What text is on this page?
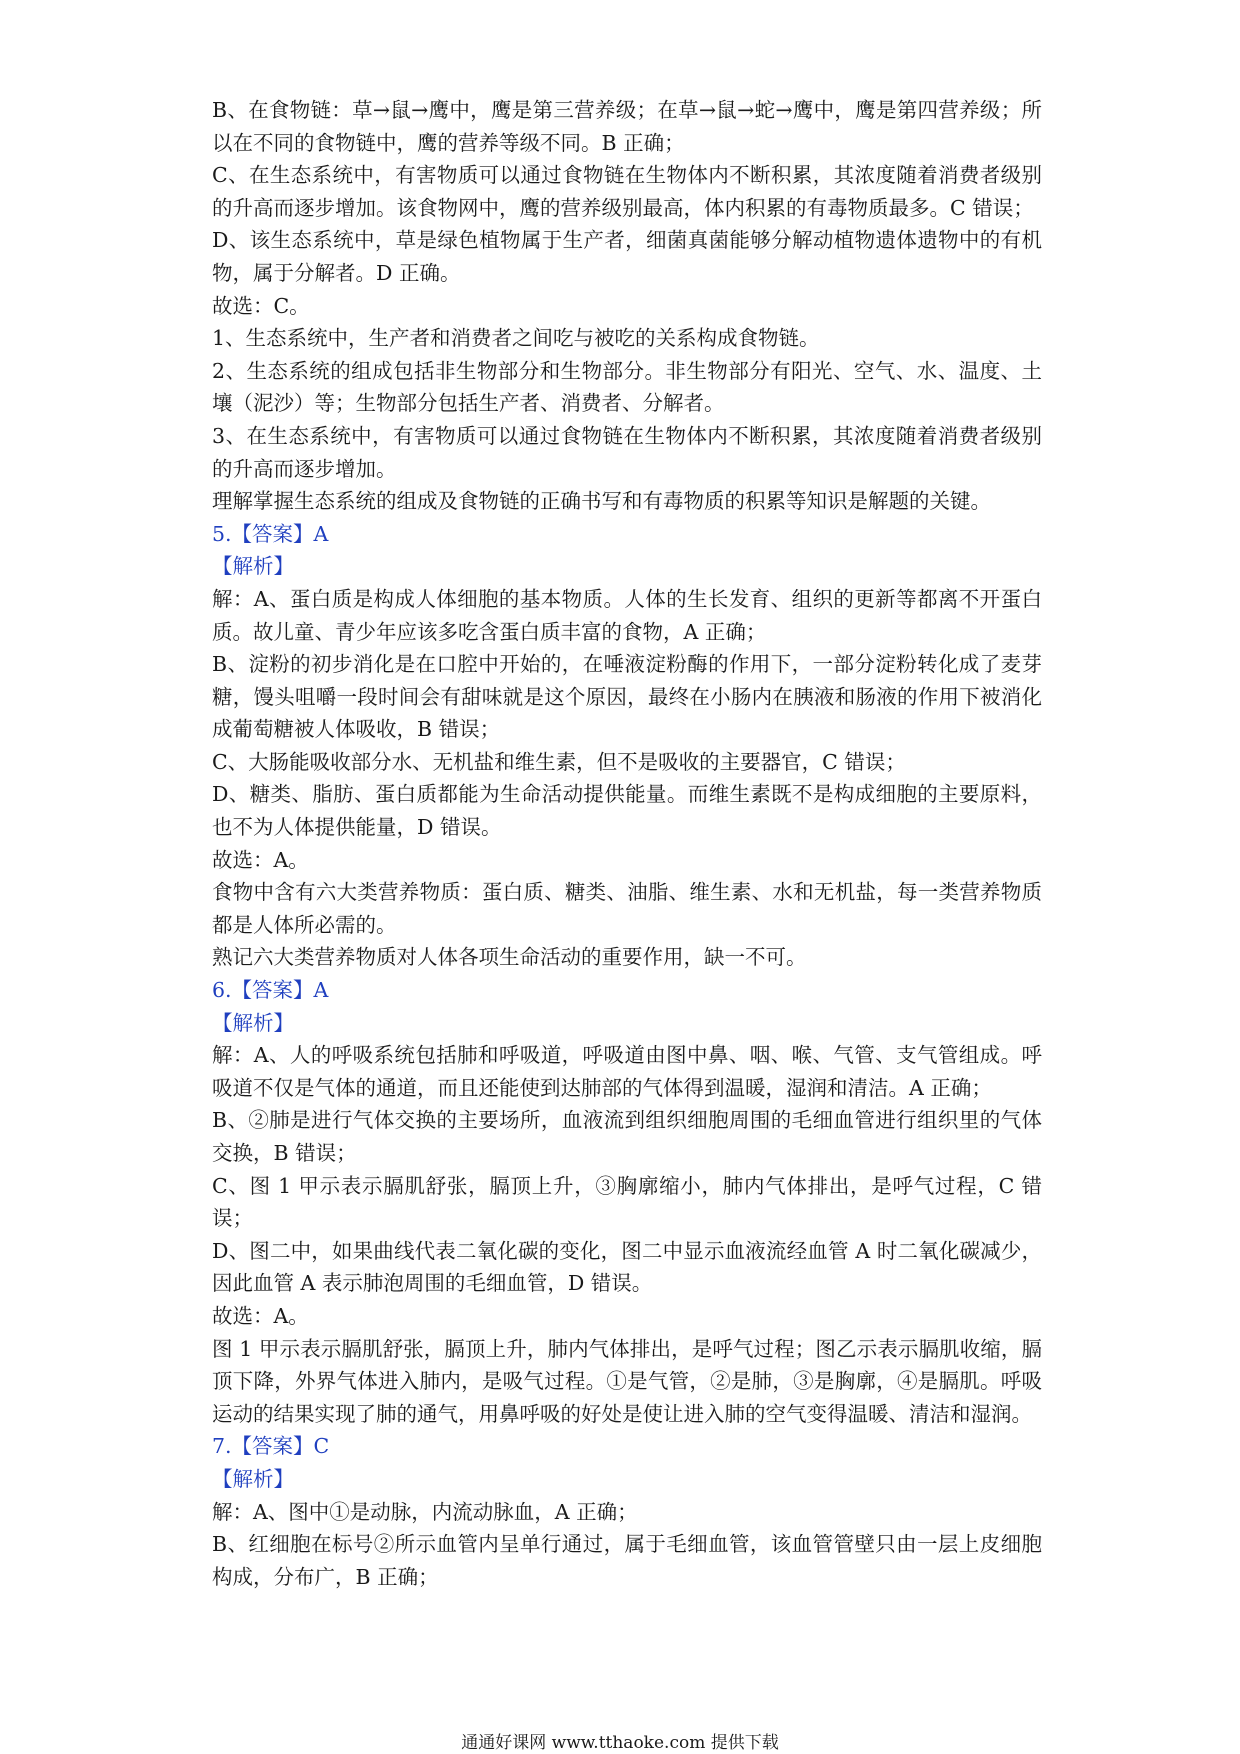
B、在食物链：草→鼠→鹰中，鹰是第三营养级；在草→鼠→蛇→鹰中，鹰是第四营养级；所以在不同的食物链中，鹰的营养等级不同。B 正确；

C、在生态系统中，有害物质可以通过食物链在生物体内不断积累，其浓度随着消费者级别的升高而逐步增加。该食物网中，鹰的营养级别最高，体内积累的有毒物质最多。C 错误；

D、该生态系统中，草是绿色植物属于生产者，细菌真菌能够分解动植物遗体遗物中的有机物，属于分解者。D 正确。

故选：C。

1、生态系统中，生产者和消费者之间吃与被吃的关系构成食物链。

2、生态系统的组成包括非生物部分和生物部分。非生物部分有阳光、空气、水、温度、土壤（泥沙）等；生物部分包括生产者、消费者、分解者。

3、在生态系统中，有害物质可以通过食物链在生物体内不断积累，其浓度随着消费者级别的升高而逐步增加。

理解掌握生态系统的组成及食物链的正确书写和有毒物质的积累等知识是解题的关键。

5.【答案】A

【解析】

解：A、蛋白质是构成人体细胞的基本物质。人体的生长发育、组织的更新等都离不开蛋白质。故儿童、青少年应该多吃含蛋白质丰富的食物，A 正确；

B、淀粉的初步消化是在口腔中开始的，在唾液淀粉酶的作用下，一部分淀粉转化成了麦芽糖，馒头咀嚼一段时间会有甜味就是这个原因，最终在小肠内在胰液和肠液的作用下被消化成葡萄糖被人体吸收，B 错误；

C、大肠能吸收部分水、无机盐和维生素，但不是吸收的主要器官，C 错误；

D、糖类、脂肪、蛋白质都能为生命活动提供能量。而维生素既不是构成细胞的主要原料，也不为人体提供能量，D 错误。

故选：A。

食物中含有六大类营养物质：蛋白质、糖类、油脂、维生素、水和无机盐，每一类营养物质都是人体所必需的。

熟记六大类营养物质对人体各项生命活动的重要作用，缺一不可。

6.【答案】A

【解析】

解：A、人的呼吸系统包括肺和呼吸道，呼吸道由图中鼻、咽、喉、气管、支气管组成。呼吸道不仅是气体的通道，而且还能使到达肺部的气体得到温暖，湿润和清洁。A 正确；

B、②肺是进行气体交换的主要场所，血液流到组织细胞周围的毛细血管进行组织里的气体交换，B 错误；

C、图 1 甲示表示膈肌舒张，膈顶上升，③胸廓缩小，肺内气体排出，是呼气过程，C 错误；

D、图二中，如果曲线代表二氧化碳的变化，图二中显示血液流经血管 A 时二氧化碳减少，因此血管 A 表示肺泡周围的毛细血管，D 错误。

故选：A。

图 1 甲示表示膈肌舒张，膈顶上升，肺内气体排出，是呼气过程；图乙示表示膈肌收缩，膈顶下降，外界气体进入肺内，是吸气过程。①是气管，②是肺，③是胸廓，④是膈肌。呼吸运动的结果实现了肺的通气，用鼻呼吸的好处是使让进入肺的空气变得温暖、清洁和湿润。

7.【答案】C

【解析】

解：A、图中①是动脉，内流动脉血，A 正确；

B、红细胞在标号②所示血管内呈单行通过，属于毛细血管，该血管管壁只由一层上皮细胞构成，分布广，B 正确；

通通好课网 www.tthaoke.com 提供下载
